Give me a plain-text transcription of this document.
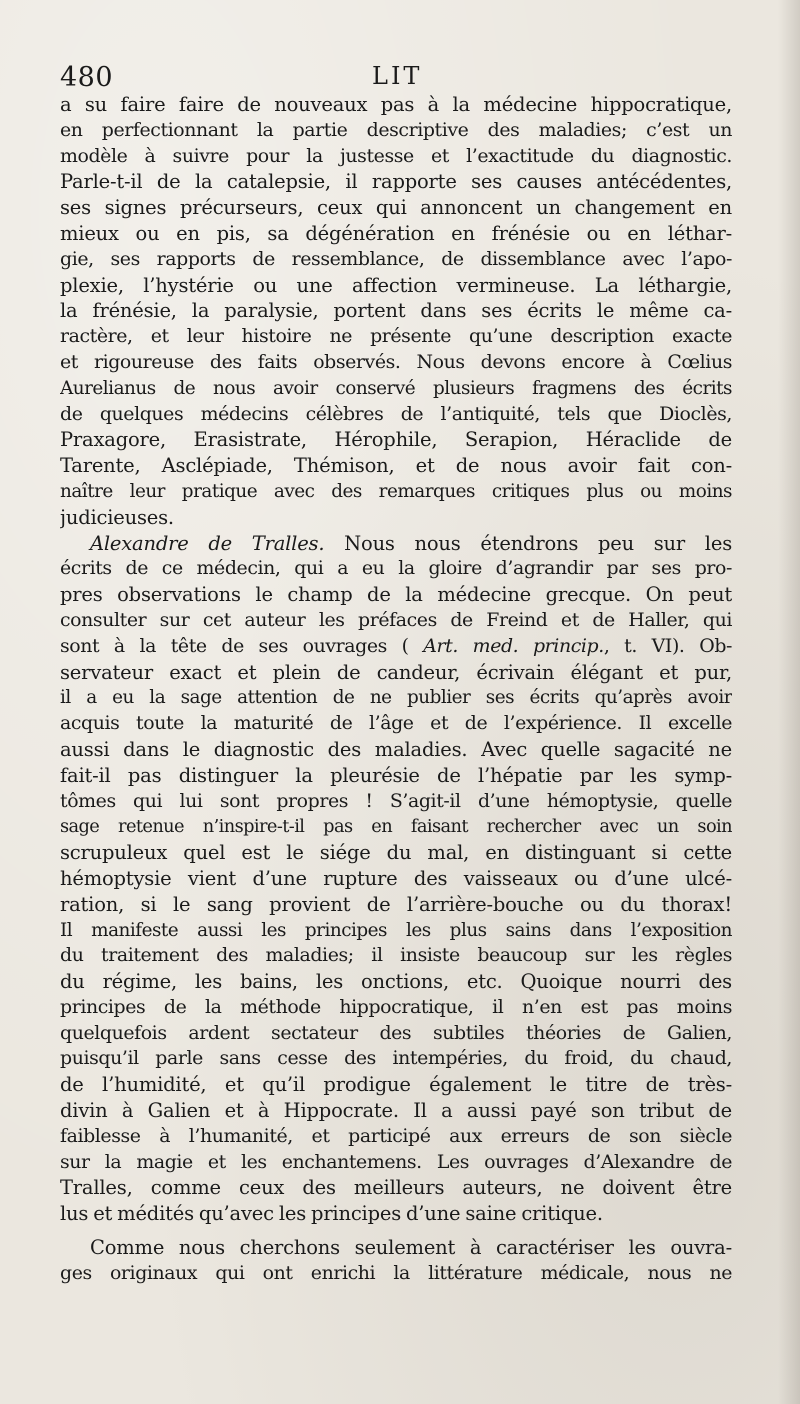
480	LIT
a su faire faire de nouveaux pas à la médecine hippocratique,
en perfectionnant la partie descriptive des maladies; c’est un
modèle à suivre pour la justesse et l’exactitude du diagnostic.
Parle-t-il de la catalepsie, il rapporte ses causes antécédentes,
ses signes précurseurs, ceux qui annoncent un changement en
mieux ou en pis, sa dégénération en frénésie ou en léthar-
gie, ses rapports de ressemblance, de dissemblance avec l’apo-
plexie, l’hystérie ou une affection vermineuse. La léthargie,
la frénésie, la paralysie, portent dans ses écrits le même ca-
ractère, et leur histoire ne présente qu’une description exacte
et rigoureuse des faits observés. Nous devons encore à Cœlius
Aurelianus de nous avoir conservé plusieurs fragmens des écrits
de quelques médecins célèbres de l’antiquité, tels que Dioclès,
Praxagore, Erasistrate, Hérophile, Serapion, Héraclide de
Tarente, Asclépiade, Thémison, et de nous avoir fait con-
naître leur pratique avec des remarques critiques plus ou moins
judicieuses.
Alexandre de Tralles. Nous nous étendrons peu sur les
écrits de ce médecin, qui a eu la gloire d’agrandir par ses pro-
pres observations le champ de la médecine grecque. On peut
consulter sur cet auteur les préfaces de Freind et de Haller, qui
sont à la tête de ses ouvrages ( Art. med. princip., t. VI). Ob-
servateur exact et plein de candeur, écrivain élégant et pur,
il a eu la sage attention de ne publier ses écrits qu’après avoir
acquis toute la maturité de l’âge et de l’expérience. Il excelle
aussi dans le diagnostic des maladies. Avec quelle sagacité ne
fait-il pas distinguer la pleurésie de l’hépatie par les symp-
tômes qui lui sont propres ! S’agit-il d’une hémoptysie, quelle
sage retenue n’inspire-t-il pas en faisant rechercher avec un soin
scrupuleux quel est le siége du mal, en distinguant si cette
hémoptysie vient d’une rupture des vaisseaux ou d’une ulcé-
ration, si le sang provient de l’arrière-bouche ou du thorax!
Il manifeste aussi les principes les plus sains dans l’exposition
du traitement des maladies; il insiste beaucoup sur les règles
du régime, les bains, les onctions, etc. Quoique nourri des
principes de la méthode hippocratique, il n’en est pas moins
quelquefois ardent sectateur des subtiles théories de Galien,
puisqu’il parle sans cesse des intempéries, du froid, du chaud,
de l’humidité, et qu’il prodigue également le titre de très-
divin à Galien et à Hippocrate. Il a aussi payé son tribut de
faiblesse à l’humanité, et participé aux erreurs de son siècle
sur la magie et les enchantemens. Les ouvrages d’Alexandre de
Tralles, comme ceux des meilleurs auteurs, ne doivent être
lus et médités qu’avec les principes d’une saine critique.
Comme nous cherchons seulement à caractériser les ouvra-
ges originaux qui ont enrichi la littérature médicale, nous ne
